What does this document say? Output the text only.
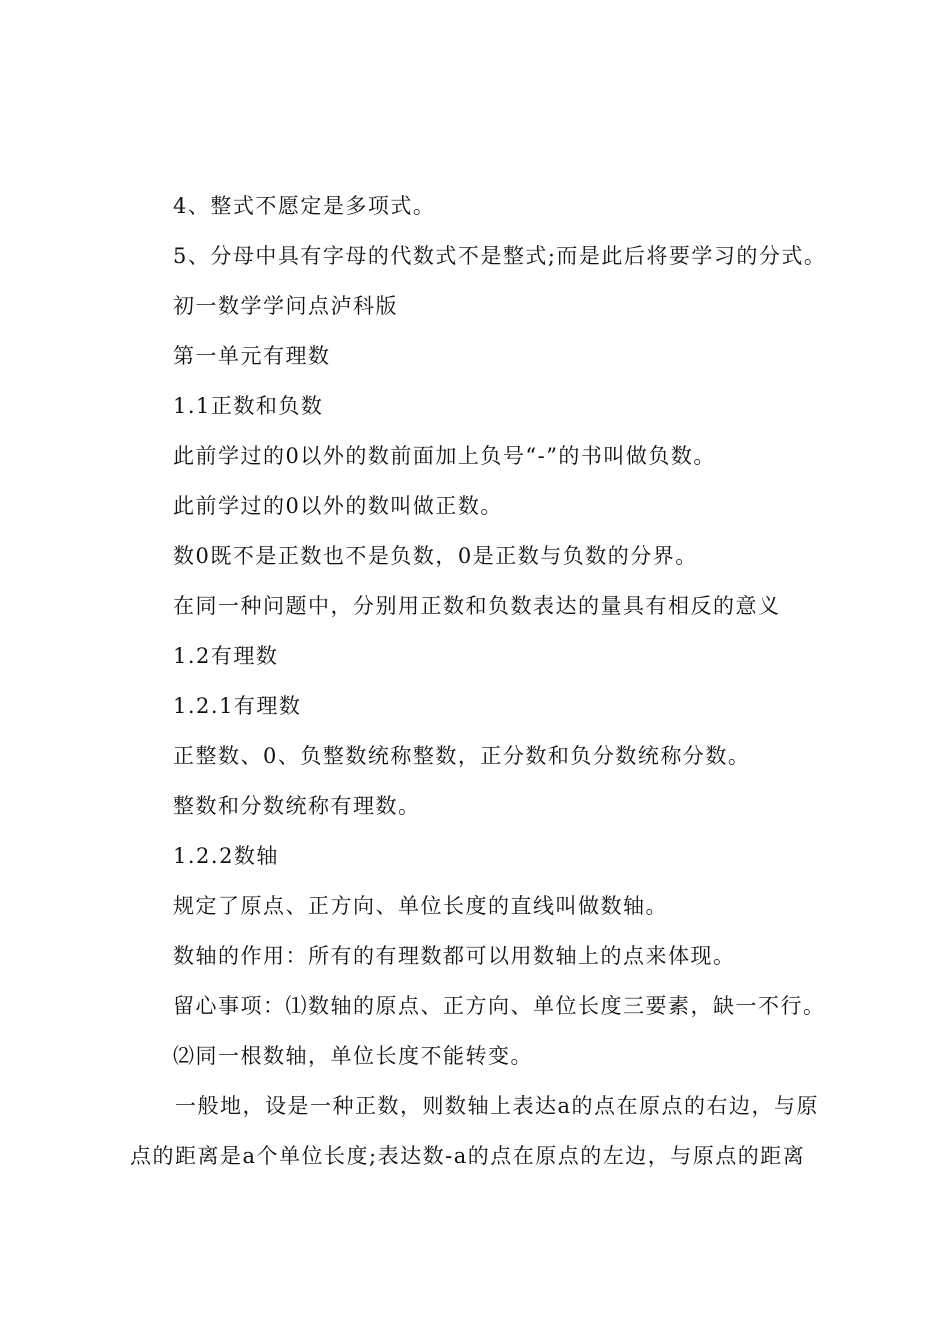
4、整式不愿定是多项式。
5、分母中具有字母的代数式不是整式;而是此后将要学习的分式。
初一数学学问点泸科版
第一单元有理数
1.1正数和负数
此前学过的0以外的数前面加上负号“-”的书叫做负数。
此前学过的0以外的数叫做正数。
数0既不是正数也不是负数，0是正数与负数的分界。
在同一种问题中，分别用正数和负数表达的量具有相反的意义
1.2有理数
1.2.1有理数
正整数、0、负整数统称整数，正分数和负分数统称分数。
整数和分数统称有理数。
1.2.2数轴
规定了原点、正方向、单位长度的直线叫做数轴。
数轴的作用：所有的有理数都可以用数轴上的点来体现。
留心事项：⑴数轴的原点、正方向、单位长度三要素，缺一不行。
⑵同一根数轴，单位长度不能转变。
一般地，设是一种正数，则数轴上表达a的点在原点的右边，与原
点的距离是a个单位长度;表达数-a的点在原点的左边，与原点的距离
